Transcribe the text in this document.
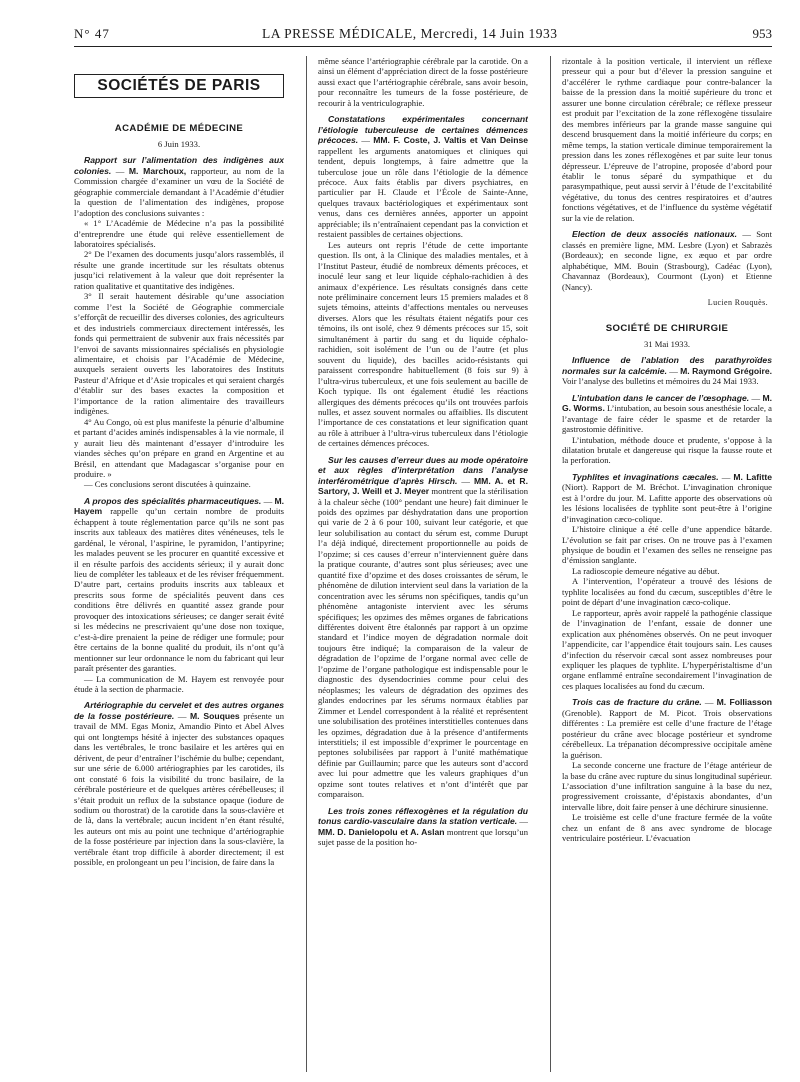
N° 47	LA PRESSE MÉDICALE, Mercredi, 14 Juin 1933	953
SOCIÉTÉS DE PARIS
ACADÉMIE DE MÉDECINE
6 Juin 1933.

Rapport sur l’alimentation des indigènes aux colonies. — M. Marchoux, rapporteur, au nom de la Commission chargée d’examiner un vœu de la Société de géographie commerciale demandant à l’Académie d’étudier la question de l’alimentation des indigènes, propose l’adoption des conclusions suivantes :

« 1° L’Académie de Médecine n’a pas la possibilité d’entreprendre une étude qui relève essentiellement de laboratoires spécialisés.

2° De l’examen des documents jusqu’alors rassemblés, il résulte une grande incertitude sur les résultats obtenus jusqu’ici relativement à la valeur que doit représenter la ration qualitative et quantitative des indigènes.

3° Il serait hautement désirable qu’une association comme l’est la Société de Géographie commerciale s’efforçât de recueillir des diverses colonies, des agriculteurs et des industriels commerciaux directement intéressés, les fonds qui permettraient de subvenir aux frais nécessités par l’envoi de savants missionnaires spécialisés en physiologie alimentaire, et choisis par l’Académie de Médecine, auxquels seraient ouverts les laboratoires des Instituts Pasteur d’Afrique et d’Asie tropicales et qui seraient chargés d’établir sur des bases exactes la composition et l’importance de la ration alimentaire des travailleurs indigènes.

4° Au Congo, où est plus manifeste la pénurie d’albumine et partant d’acides aminés indispensables à la vie normale, il y aurait lieu dès maintenant d’essayer d’introduire les viandes sèches qu’on prépare en grand en Argentine et au Brésil, en attendant que Madagascar s’organise pour en produire. »

— Ces conclusions seront discutées à quinzaine.

A propos des spécialités pharmaceutiques. — M. Hayem rappelle qu’un certain nombre de produits échappent à toute réglementation parce qu’ils ne sont pas inscrits aux tableaux des matières dites vénéneuses, tels le gardénal, le véronal, l’aspirine, le pyramidon, l’antipyrine; les malades peuvent se les procurer en quantité excessive et il en résulte parfois des accidents sérieux; il y aurait donc lieu de compléter les tableaux et de les réviser fréquemment. D’autre part, certains produits inscrits aux tableaux et prescrits sous forme de spécialités peuvent dans ces conditions être délivrés en quantité assez grande pour provoquer des intoxications sérieuses; ce danger serait évité si les médecins ne prescrivaient qu’une dose non toxique, c’est-à-dire prenaient la peine de rédiger une formule; pour être certains de la bonne qualité du produit, ils n’ont qu’à mentionner sur leur ordonnance le nom du fabricant qui leur paraît présenter des garanties.

— La communication de M. Hayem est renvoyée pour étude à la section de pharmacie.

Artériographie du cervelet et des autres organes de la fosse postérieure. — M. Souques présente un travail de MM. Egas Moniz, Amandio Pinto et Abel Alves qui ont longtemps hésité à injecter des substances opaques dans les vertébrales, le tronc basilaire et les artères qui en dérivent, de peur d’entraîner l’ischémie du bulbe; cependant, sur une série de 6.000 artériographies par les carotides, ils ont constaté 6 fois la visibilité du tronc basilaire, de la cérébrale postérieure et de quelques artères cérébelleuses; il s’était produit un reflux de la substance opaque (iodure de sodium ou thorostrat) de la carotide dans la sous-clavière et de là, dans la vertébrale; aucun incident n’en étant résulté, les auteurs ont mis au point une technique d’artériographie de la fosse postérieure par injection dans la sous-clavière, la vertébrale étant trop difficile à aborder directement; il est possible, en prolongeant un peu l’incision, de faire dans la

même séance l’artériographie cérébrale par la carotide. On a ainsi un élément d’appréciation direct de la fosse postérieure aussi exact que l’artériographie cérébrale, sans avoir besoin, pour reconnaître les tumeurs de la fosse postérieure, de recourir à la ventriculographie.

Constatations expérimentales concernant l’étiologie tuberculeuse de certaines démences précoces. — MM. F. Coste, J. Valtis et Van Deinse rappellent les arguments anatomiques et cliniques qui tendent, depuis longtemps, à faire admettre que la tuberculose joue un rôle dans l’étiologie de la démence précoce. Aux faits établis par divers psychiatres, en particulier par H. Claude et l’École de Sainte-Anne, quelques travaux bactériologiques et expérimentaux sont venus, dans ces dernières années, apporter un appoint appréciable; ils n’entraînaient cependant pas la conviction et restaient passibles de certaines objections.

Les auteurs ont repris l’étude de cette importante question. Ils ont, à la Clinique des maladies mentales, et à l’Institut Pasteur, étudié de nombreux déments précoces, et inoculé leur sang et leur liquide céphalo-rachidien à des animaux d’expérience. Les résultats consignés dans cette note préliminaire concernent leurs 15 premiers malades et 8 sujets témoins, atteints d’affections mentales ou nerveuses diverses. Alors que les résultats étaient négatifs pour ces témoins, ils ont isolé, chez 9 déments précoces sur 15, soit simultanément à partir du sang et du liquide céphalo-rachidien, soit isolément de l’un ou de l’autre (et plus souvent du liquide), des bacilles acido-résistants qui paraissent correspondre habituellement (8 fois sur 9) à l’ultra-virus tuberculeux, et une fois seulement au bacille de Koch typique. Ils ont également étudié les réactions allergiques des déments précoces qu’ils ont trouvées parfois nulles, et assez souvent normales ou affaiblies. Ils discutent l’importance de ces constatations et leur signification quant au rôle à attribuer à l’ultra-virus tuberculeux dans l’étiologie de certaines démences précoces.

Sur les causes d’erreur dues au mode opératoire et aux règles d’interprétation dans l’analyse interférométrique d’après Hirsch. — MM. A. et R. Sartory, J. Weill et J. Meyer montrent que la stérilisation à la chaleur sèche (100° pendant une heure) fait diminuer le poids des opzimes par déshydratation dans une proportion qui varie de 2 à 6 pour 100, suivant leur catégorie, et que leur solubilisation au contact du sérum est, comme Durupt l’a déjà indiqué, directement proportionnelle au poids de l’opzime; si ces causes d’erreur n’interviennent guère dans la pratique courante, d’autres sont plus sérieuses; avec une quantité fixe d’opzime et des doses croissantes de sérum, le phénomène de dilution intervient seul dans la variation de la concentration avec les sérums non spécifiques, tandis qu’un phénomène antagoniste intervient avec les sérums spécifiques; les opzimes des mêmes organes de fabrications différentes doivent être étalonnés par rapport à un opzime standard et l’indice moyen de dégradation normale doit toujours être indiqué; la comparaison de la valeur de dégradation de l’opzime de l’organe normal avec celle de l’opzime de l’organe pathologique est indispensable pour le diagnostic des dysendocrinies comme pour celui des néoplasmes; les valeurs de dégradation des opzimes des glandes endocrines par les sérums normaux établies par Zimmer et Lendel correspondent à la réalité et représentent une solubilisation des protéines interstitielles contenues dans les opzimes, dégradation due à la présence d’antiferments interstitiels; il est impossible d’exprimer le pourcentage en peptones solubilisées par rapport à l’unité mathématique définie par Guillaumin; parce que les auteurs sont d’accord avec lui pour admettre que les valeurs graphiques d’un opzime sont toutes relatives et n’ont d’intérêt que par comparaison.

Les trois zones réflexogènes et la régulation du tonus cardio-vasculaire dans la station verticale. — MM. D. Danielopolu et A. Aslan montrent que lorsqu’un sujet passe de la position ho-

rizontale à la position verticale, il intervient un réflexe presseur qui a pour but d’élever la pression sanguine et d’accélérer le rythme cardiaque pour contre-balancer la baisse de la pression dans la moitié supérieure du tronc et assurer une bonne circulation cérébrale; ce réflexe presseur est produit par l’excitation de la zone réflexogène tissulaire des membres inférieurs par la grande masse sanguine qui descend brusquement dans la moitié inférieure du corps; en même temps, la station verticale diminue temporairement la pression dans les zones réflexogènes et par suite leur tonus dépresseur. L’épreuve de l’atropine, proposée d’abord pour établir le tonus séparé du sympathique et du parasympathique, peut aussi servir à l’étude de l’excitabilité végétative, du tonus des centres respiratoires et d’autres fonctions végétatives, et de l’influence du système végétatif sur la vie de relation.

Election de deux associés nationaux. — Sont classés en première ligne, MM. Lesbre (Lyon) et Sabrazès (Bordeaux); en seconde ligne, ex æquo et par ordre alphabétique, MM. Bouin (Strasbourg), Cadéac (Lyon), Chavannaz (Bordeaux), Courmont (Lyon) et Etienne (Nancy).

Lucien Rouquès.
SOCIÉTÉ DE CHIRURGIE
31 Mai 1933.

Influence de l’ablation des parathyroïdes normales sur la calcémie. — M. Raymond Grégoire. Voir l’analyse des bulletins et mémoires du 24 Mai 1933.

L’intubation dans le cancer de l’œsophage. — M. G. Worms. L’intubation, au besoin sous anesthésie locale, a l’avantage de faire céder le spasme et de retarder la gastrostomie définitive.

L’intubation, méthode douce et prudente, s’oppose à la dilatation brutale et dangereuse qui risque la fausse route et la perforation.

Typhlites et invaginations cæcales. — M. Lafitte (Niort). Rapport de M. Bréchot. L’invagination chronique est à l’ordre du jour. M. Lafitte apporte des observations où les lésions localisées de typhlite sont peut-être à l’origine d’invagination cæco-colique.

L’histoire clinique a été celle d’une appendice bâtarde. L’évolution se fait par crises. On ne trouve pas à l’examen physique de boudin et l’examen des selles ne renseigne pas d’émission sanglante.

La radioscopie demeure négative au début.

A l’intervention, l’opérateur a trouvé des lésions de typhlite localisées au fond du cæcum, susceptibles d’être le point de départ d’une invagination cæco-colique.

Le rapporteur, après avoir rappelé la pathogénie classique de l’invagination de l’enfant, essaie de donner une explication aux phénomènes observés. On ne peut invoquer l’appendicite, car l’appendice était toujours sain. Les causes d’infection du réservoir cæcal sont assez nombreuses pour expliquer les plaques de typhlite. L’hyperpéristaltisme d’un organe enflammé entraîne secondairement l’invagination de ces plaques localisées au fond du cæcum.

Trois cas de fracture du crâne. — M. Folliasson (Grenoble). Rapport de M. Picot. Trois observations différentes : La première est celle d’une fracture de l’étage postérieur du crâne avec blocage postérieur et syndrome cérébelleux. La trépanation décompressive occipitale amène la guérison.

La seconde concerne une fracture de l’étage antérieur de la base du crâne avec rupture du sinus longitudinal supérieur. L’association d’une infiltration sanguine à la base du nez, progressivement croissante, d’épistaxis abondantes, d’un intervalle libre, doit faire penser à une déchirure sinusienne.

Le troisième est celle d’une fracture fermée de la voûte chez un enfant de 8 ans avec syndrome de blocage ventriculaire postérieur. L’évacuation
